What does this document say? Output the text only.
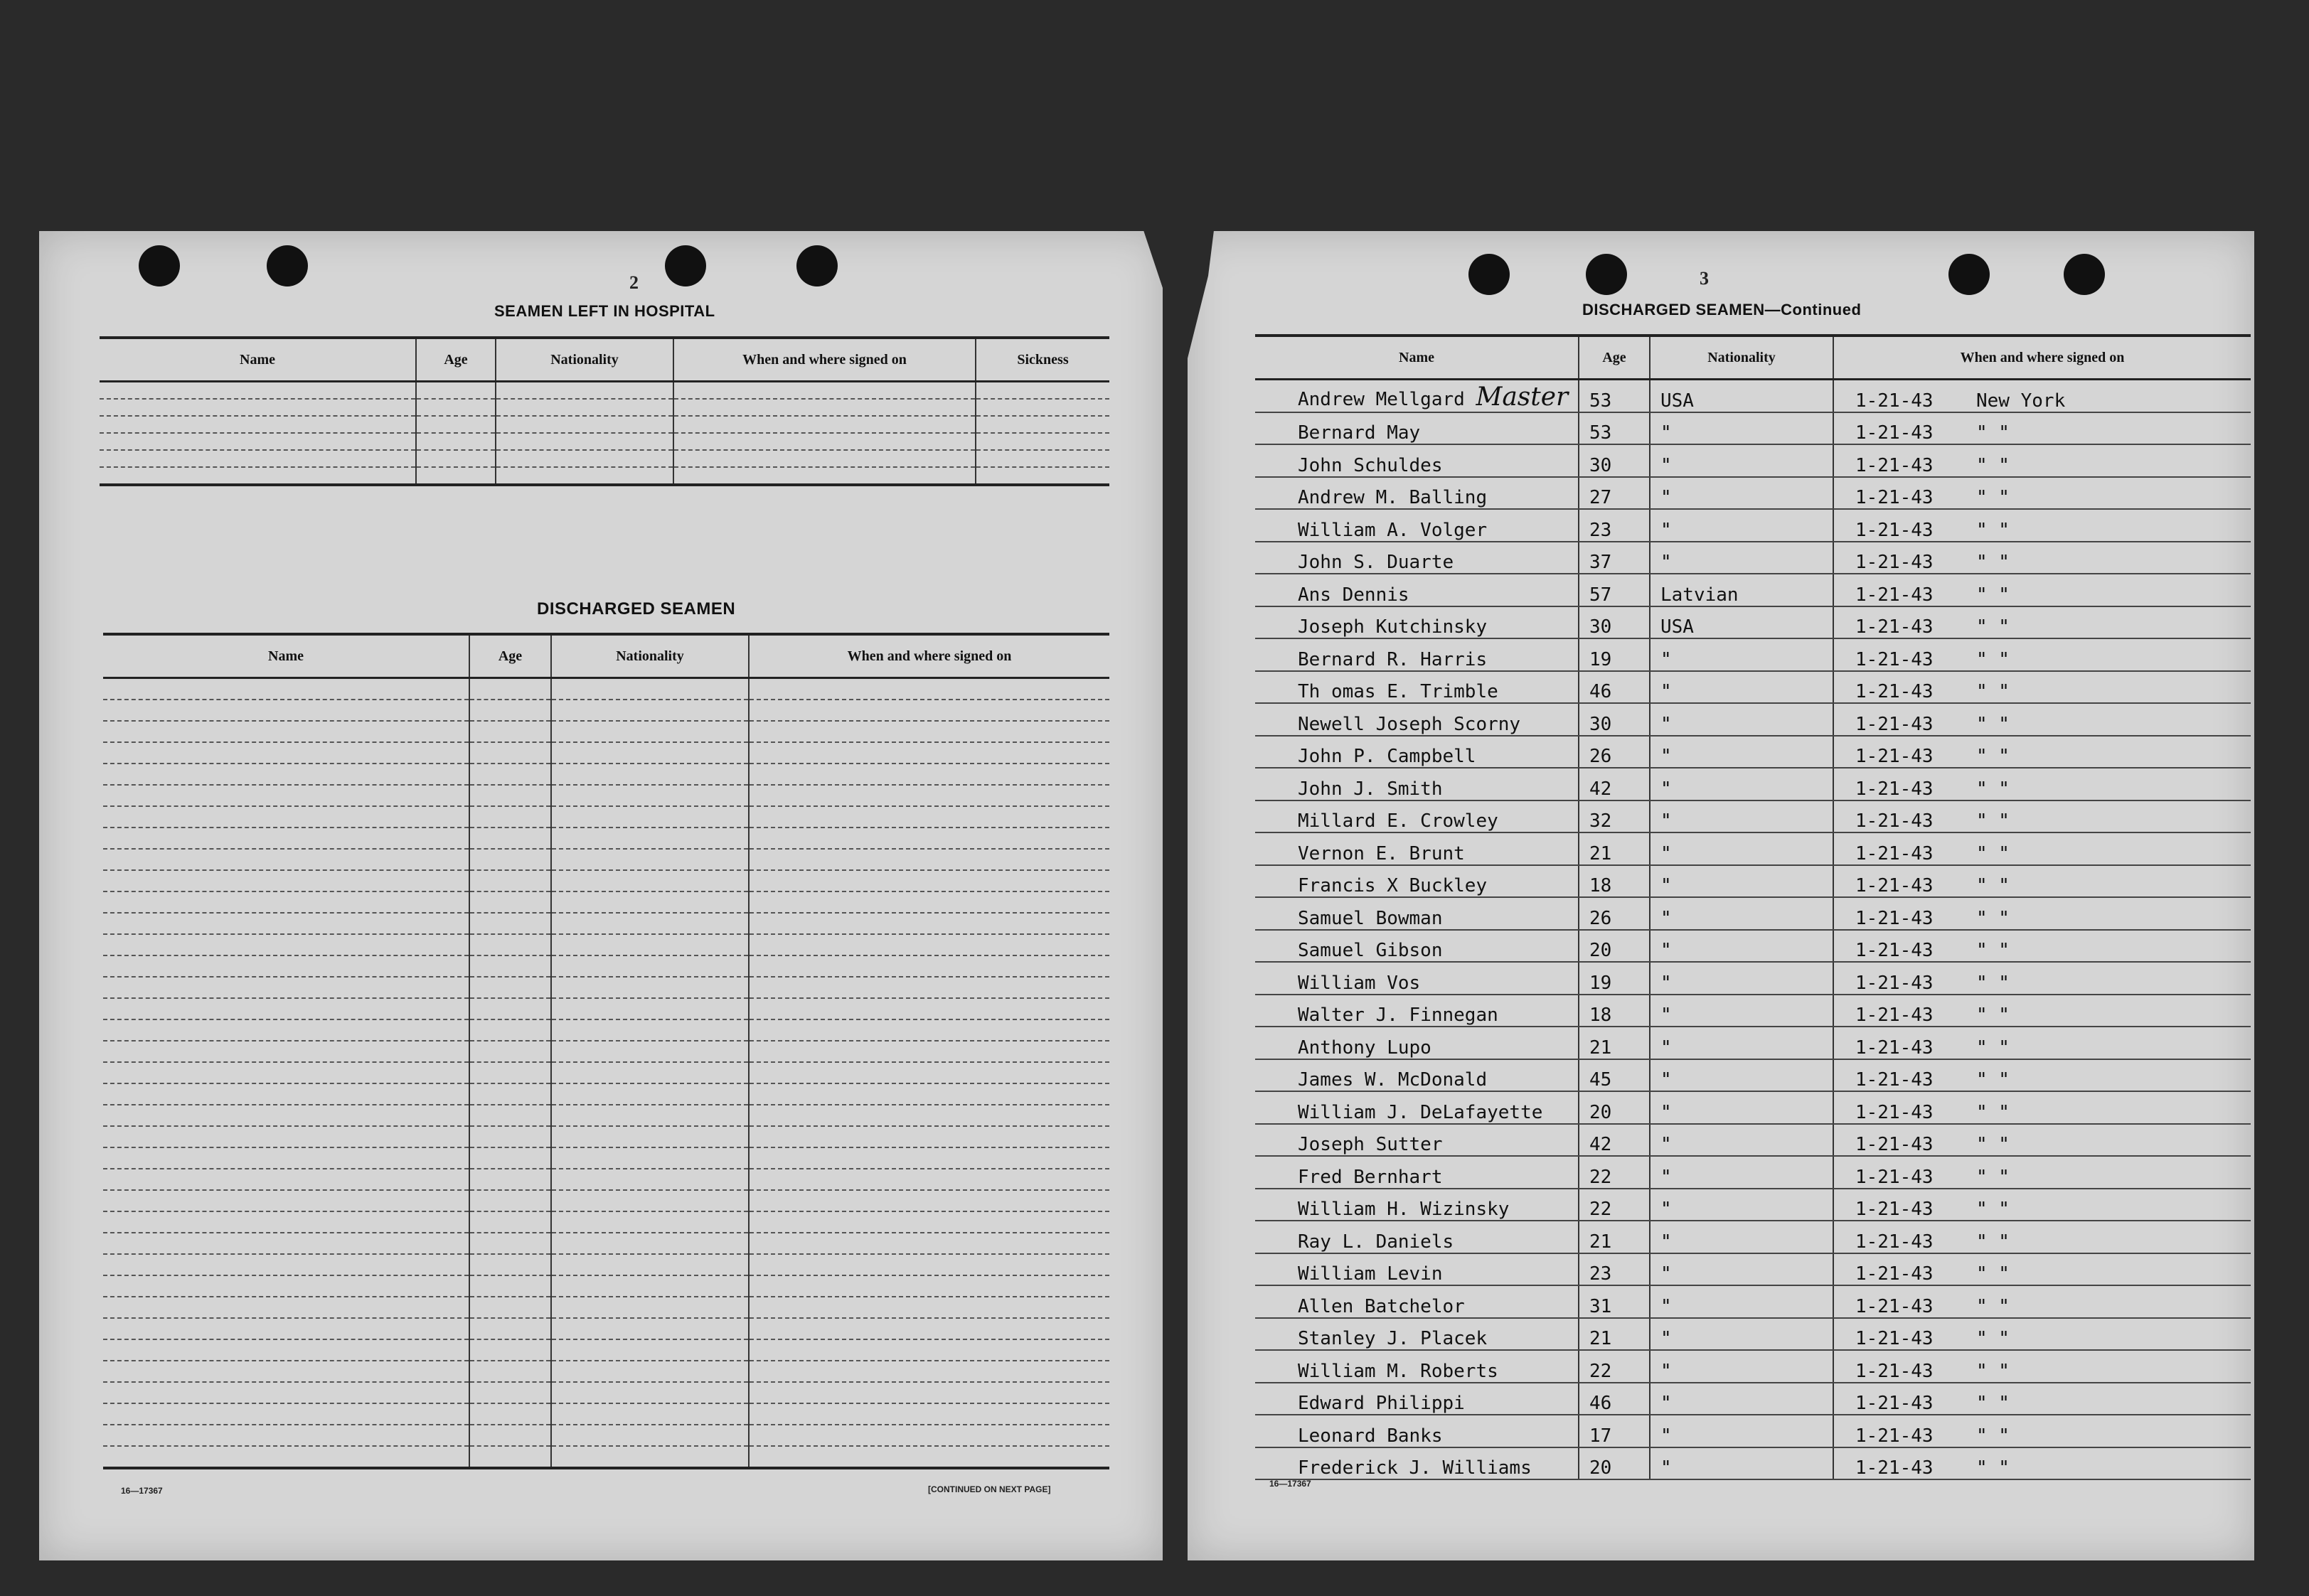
2
SEAMEN LEFT IN HOSPITAL
Name	Age	Nationality	When and where signed on	Sickness

DISCHARGED SEAMEN
Name	Age	Nationality	When and where signed on

16—17367	[CONTINUED ON NEXT PAGE]
3
DISCHARGED SEAMEN—Continued
Name	Age	Nationality	When and where signed on
Andrew Mellgard Master	53	USA	1-21-43 New York
Bernard May	53	"	1-21-43 " "
John Schuldes	30	"	1-21-43 " "
Andrew M. Balling	27	"	1-21-43 " "
William A. Volger	23	"	1-21-43 " "
John S. Duarte	37	"	1-21-43 " "
Ans Dennis	57	Latvian	1-21-43 " "
Joseph Kutchinsky	30	USA	1-21-43 " "
Bernard R. Harris	19	"	1-21-43 " "
Th omas E. Trimble	46	"	1-21-43 " "
Newell Joseph Scorny	30	"	1-21-43 " "
John P. Campbell	26	"	1-21-43 " "
John J. Smith	42	"	1-21-43 " "
Millard E. Crowley	32	"	1-21-43 " "
Vernon E. Brunt	21	"	1-21-43 " "
Francis X Buckley	18	"	1-21-43 " "
Samuel Bowman	26	"	1-21-43 " "
Samuel Gibson	20	"	1-21-43 " "
William Vos	19	"	1-21-43 " "
Walter J. Finnegan	18	"	1-21-43 " "
Anthony Lupo	21	"	1-21-43 " "
James W. McDonald	45	"	1-21-43 " "
William J. DeLafayette	20	"	1-21-43 " "
Joseph Sutter	42	"	1-21-43 " "
Fred Bernhart	22	"	1-21-43 " "
William H. Wizinsky	22	"	1-21-43 " "
Ray L. Daniels	21	"	1-21-43 " "
William Levin	23	"	1-21-43 " "
Allen Batchelor	31	"	1-21-43 " "
Stanley J. Placek	21	"	1-21-43 " "
William M. Roberts	22	"	1-21-43 " "
Edward Philippi	46	"	1-21-43 " "
Leonard Banks	17	"	1-21-43 " "
Frederick J. Williams	20	"	1-21-43 " "
16—17367
